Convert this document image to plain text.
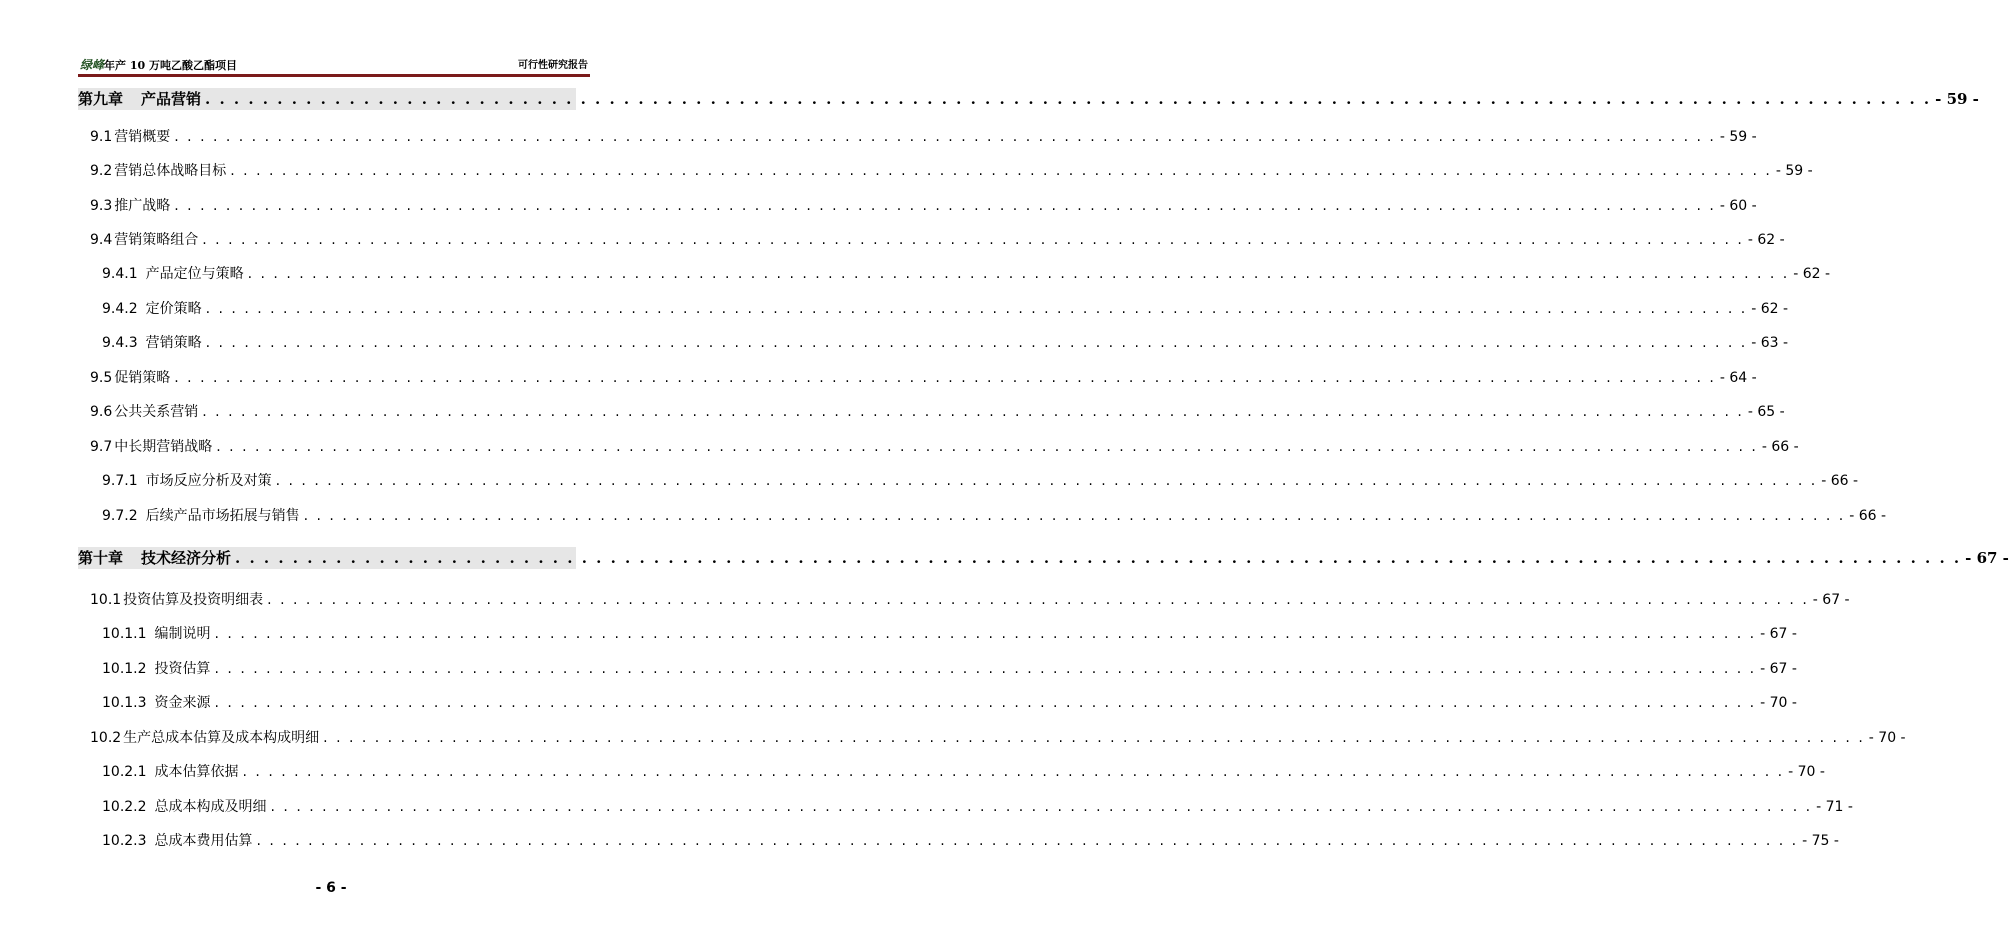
绿峰年产 10 万吨乙酸乙酯项目	可行性研究报告
第九章 产品营销 . . . . . . . . . . . . . . . . . . . . . . . . . . . . . . . . . . . . . . . . . . . . . . . . . . . . . . . . . . . . . . . . . . . . . . . . . . . . . . . . . . . . . . . . . . . . . . . . . . . . . . . . . . . . . . . . . . . . . . . . - 59 -
9.1 营销概要 . . . . . . . . . . . . . . . . . . . . . . . . . . . . . . . . . . . . . . . . . . . . . . . . . . . . . . . . . . . . . . . . . . . . . . . . . . . . . . . . . . . . . . . . . . . . . . . . . . . . . . . . . . . . . . . . . . . . . . . . - 59 -
9.2 营销总体战略目标 . . . . . . . . . . . . . . . . . . . . . . . . . . . . . . . . . . . . . . . . . . . . . . . . . . . . . . . . . . . . . . . . . . . . . . . . . . . . . . . . . . . . . . . . . . . . . . . . . . . . . . . . . . . . . . . . . . . . . . . . - 59 -
9.3 推广战略 . . . . . . . . . . . . . . . . . . . . . . . . . . . . . . . . . . . . . . . . . . . . . . . . . . . . . . . . . . . . . . . . . . . . . . . . . . . . . . . . . . . . . . . . . . . . . . . . . . . . . . . . . . . . . . . . . . . . . . . . - 60 -
9.4 营销策略组合 . . . . . . . . . . . . . . . . . . . . . . . . . . . . . . . . . . . . . . . . . . . . . . . . . . . . . . . . . . . . . . . . . . . . . . . . . . . . . . . . . . . . . . . . . . . . . . . . . . . . . . . . . . . . . . . . . . . . . . . . - 62 -
9.4.1 产品定位与策略 . . . . . . . . . . . . . . . . . . . . . . . . . . . . . . . . . . . . . . . . . . . . . . . . . . . . . . . . . . . . . . . . . . . . . . . . . . . . . . . . . . . . . . . . . . . . . . . . . . . . . . . . . . . . . . . . . . . . . . . . - 62 -
9.4.2 定价策略 . . . . . . . . . . . . . . . . . . . . . . . . . . . . . . . . . . . . . . . . . . . . . . . . . . . . . . . . . . . . . . . . . . . . . . . . . . . . . . . . . . . . . . . . . . . . . . . . . . . . . . . . . . . . . . . . . . . . . . . . - 62 -
9.4.3 营销策略 . . . . . . . . . . . . . . . . . . . . . . . . . . . . . . . . . . . . . . . . . . . . . . . . . . . . . . . . . . . . . . . . . . . . . . . . . . . . . . . . . . . . . . . . . . . . . . . . . . . . . . . . . . . . . . . . . . . . . . . . - 63 -
9.5 促销策略 . . . . . . . . . . . . . . . . . . . . . . . . . . . . . . . . . . . . . . . . . . . . . . . . . . . . . . . . . . . . . . . . . . . . . . . . . . . . . . . . . . . . . . . . . . . . . . . . . . . . . . . . . . . . . . . . . . . . . . . . - 64 -
9.6 公共关系营销 . . . . . . . . . . . . . . . . . . . . . . . . . . . . . . . . . . . . . . . . . . . . . . . . . . . . . . . . . . . . . . . . . . . . . . . . . . . . . . . . . . . . . . . . . . . . . . . . . . . . . . . . . . . . . . . . . . . . . . . . - 65 -
9.7 中长期营销战略 . . . . . . . . . . . . . . . . . . . . . . . . . . . . . . . . . . . . . . . . . . . . . . . . . . . . . . . . . . . . . . . . . . . . . . . . . . . . . . . . . . . . . . . . . . . . . . . . . . . . . . . . . . . . . . . . . . . . . . . . - 66 -
9.7.1 市场反应分析及对策 . . . . . . . . . . . . . . . . . . . . . . . . . . . . . . . . . . . . . . . . . . . . . . . . . . . . . . . . . . . . . . . . . . . . . . . . . . . . . . . . . . . . . . . . . . . . . . . . . . . . . . . . . . . . . . . . . . . . . . . . - 66 -
9.7.2 后续产品市场拓展与销售 . . . . . . . . . . . . . . . . . . . . . . . . . . . . . . . . . . . . . . . . . . . . . . . . . . . . . . . . . . . . . . . . . . . . . . . . . . . . . . . . . . . . . . . . . . . . . . . . . . . . . . . . . . . . . . . . . . . . . . . . - 66 -
第十章 技术经济分析 . . . . . . . . . . . . . . . . . . . . . . . . . . . . . . . . . . . . . . . . . . . . . . . . . . . . . . . . . . . . . . . . . . . . . . . . . . . . . . . . . . . . . . . . . . . . . . . . . . . . . . . . . . . . . . . . . . . . . . . . - 67 -
10.1 投资估算及投资明细表 . . . . . . . . . . . . . . . . . . . . . . . . . . . . . . . . . . . . . . . . . . . . . . . . . . . . . . . . . . . . . . . . . . . . . . . . . . . . . . . . . . . . . . . . . . . . . . . . . . . . . . . . . . . . . . . . . . . . . . . . - 67 -
10.1.1 编制说明 . . . . . . . . . . . . . . . . . . . . . . . . . . . . . . . . . . . . . . . . . . . . . . . . . . . . . . . . . . . . . . . . . . . . . . . . . . . . . . . . . . . . . . . . . . . . . . . . . . . . . . . . . . . . . . . . . . . . . . . . - 67 -
10.1.2 投资估算 . . . . . . . . . . . . . . . . . . . . . . . . . . . . . . . . . . . . . . . . . . . . . . . . . . . . . . . . . . . . . . . . . . . . . . . . . . . . . . . . . . . . . . . . . . . . . . . . . . . . . . . . . . . . . . . . . . . . . . . . - 67 -
10.1.3 资金来源 . . . . . . . . . . . . . . . . . . . . . . . . . . . . . . . . . . . . . . . . . . . . . . . . . . . . . . . . . . . . . . . . . . . . . . . . . . . . . . . . . . . . . . . . . . . . . . . . . . . . . . . . . . . . . . . . . . . . . . . . - 70 -
10.2 生产总成本估算及成本构成明细 . . . . . . . . . . . . . . . . . . . . . . . . . . . . . . . . . . . . . . . . . . . . . . . . . . . . . . . . . . . . . . . . . . . . . . . . . . . . . . . . . . . . . . . . . . . . . . . . . . . . . . . . . . . . . . . . . . . . . . . . - 70 -
10.2.1 成本估算依据 . . . . . . . . . . . . . . . . . . . . . . . . . . . . . . . . . . . . . . . . . . . . . . . . . . . . . . . . . . . . . . . . . . . . . . . . . . . . . . . . . . . . . . . . . . . . . . . . . . . . . . . . . . . . . . . . . . . . . . . . - 70 -
10.2.2 总成本构成及明细 . . . . . . . . . . . . . . . . . . . . . . . . . . . . . . . . . . . . . . . . . . . . . . . . . . . . . . . . . . . . . . . . . . . . . . . . . . . . . . . . . . . . . . . . . . . . . . . . . . . . . . . . . . . . . . . . . . . . . . . . - 71 -
10.2.3 总成本费用估算 . . . . . . . . . . . . . . . . . . . . . . . . . . . . . . . . . . . . . . . . . . . . . . . . . . . . . . . . . . . . . . . . . . . . . . . . . . . . . . . . . . . . . . . . . . . . . . . . . . . . . . . . . . . . . . . . . . . . . . . . - 75 -
- 6 -
